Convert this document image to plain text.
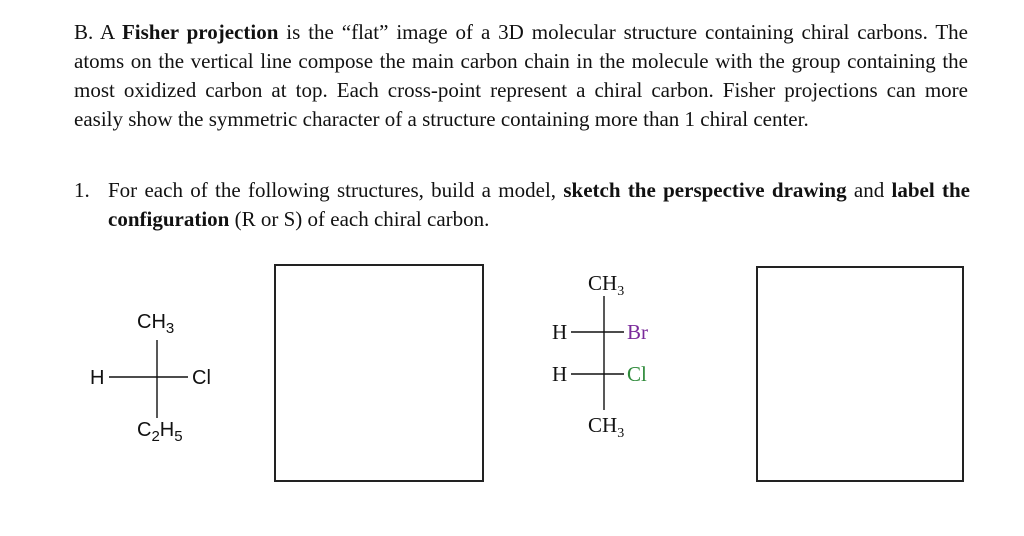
B. A Fisher projection is the “flat” image of a 3D molecular structure containing chiral carbons. The atoms on the vertical line compose the main carbon chain in the molecule with the group containing the most oxidized carbon at top. Each cross-point represent a chiral carbon. Fisher projections can more easily show the symmetric character of a structure containing more than 1 chiral center.

1. For each of the following structures, build a model, sketch the perspective drawing and label the configuration (R or S) of each chiral carbon.
$CH_3$
H	Cl
$C_2H_5$
$CH_3$
H	Br
H	Cl
$CH_3$
